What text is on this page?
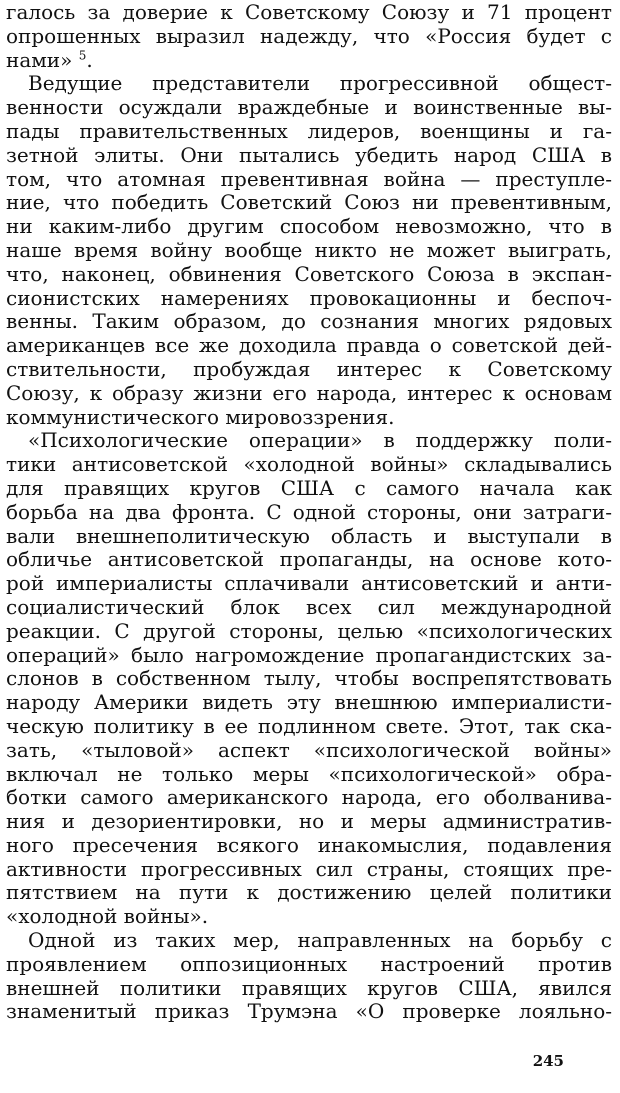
галось за доверие к Советскому Союзу и 71 процент
опрошенных выразил надежду, что «Россия будет с
нами» $^5$.
Ведущие представители прогрессивной общест-
венности осуждали враждебные и воинственные вы-
пады правительственных лидеров, военщины и га-
зетной элиты. Они пытались убедить народ США в
том, что атомная превентивная война — преступле-
ние, что победить Советский Союз ни превентивным,
ни каким-либо другим способом невозможно, что в
наше время войну вообще никто не может выиграть,
что, наконец, обвинения Советского Союза в экспан-
сионистских намерениях провокационны и беспоч-
венны. Таким образом, до сознания многих рядовых
американцев все же доходила правда о советской дей-
ствительности, пробуждая интерес к Советскому
Союзу, к образу жизни его народа, интерес к основам
коммунистического мировоззрения.
«Психологические операции» в поддержку поли-
тики антисоветской «холодной войны» складывались
для правящих кругов США с самого начала как
борьба на два фронта. С одной стороны, они затраги-
вали внешнеполитическую область и выступали в
обличье антисоветской пропаганды, на основе кото-
рой империалисты сплачивали антисоветский и анти-
социалистический блок всех сил международной
реакции. С другой стороны, целью «психологических
операций» было нагромождение пропагандистских за-
слонов в собственном тылу, чтобы воспрепятствовать
народу Америки видеть эту внешнюю империалисти-
ческую политику в ее подлинном свете. Этот, так ска-
зать, «тыловой» аспект «психологической войны»
включал не только меры «психологической» обра-
ботки самого американского народа, его оболванива-
ния и дезориентировки, но и меры административ-
ного пресечения всякого инакомыслия, подавления
активности прогрессивных сил страны, стоящих пре-
пятствием на пути к достижению целей политики
«холодной войны».
Одной из таких мер, направленных на борьбу с
проявлением оппозиционных настроений против
внешней политики правящих кругов США, явился
знаменитый приказ Трумэна «О проверке лояльно-
245
